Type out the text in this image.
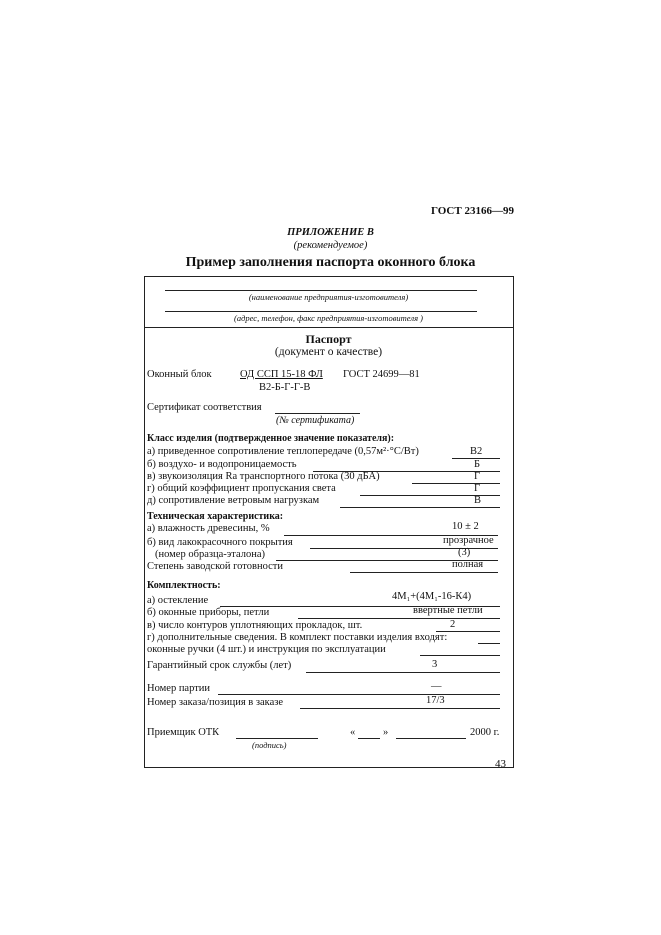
ГОСТ 23166—99
ПРИЛОЖЕНИЕ В
(рекомендуемое)
Пример заполнения паспорта оконного блока
(наименование предприятия-изготовителя)
(адрес, телефон, факс предприятия-изготовителя )
Паспорт
(документ о качестве)
Оконный блок	ОД ССП 15-18 ФЛ ГОСТ 24699—81
В2-Б-Г-Г-В
Сертификат соответствия
(№ сертификата)
Класс изделия (подтвержденное значение показателя):
а) приведенное сопротивление теплопередаче (0,57м²·°С/Вт)	В2
б) воздухо- и водопроницаемость	Б
в) звукоизоляция Rа транспортного потока (30 дБА)	Г
г) общий коэффициент пропускания света	Г
д) сопротивление ветровым нагрузкам	В
Техническая характеристика:
а) влажность древесины, %	10 ± 2
б) вид лакокрасочного покрытия	прозрачное
(номер образца-эталона)	(3)
Степень заводской готовности	полная
Комплектность:
а) остекление	4М₁+(4М₁-16-К4)
б) оконные приборы, петли	ввертные петли
в) число контуров уплотняющих прокладок, шт.	2
г) дополнительные сведения. В комплект поставки изделия входят:
оконные ручки (4 шт.) и инструкция по эксплуатации
Гарантийный срок службы (лет)	3
Номер партии	—
Номер заказа/позиция в заказе	17/3
Приемщик ОТК	«	»	2000 г.
(подпись)
43
